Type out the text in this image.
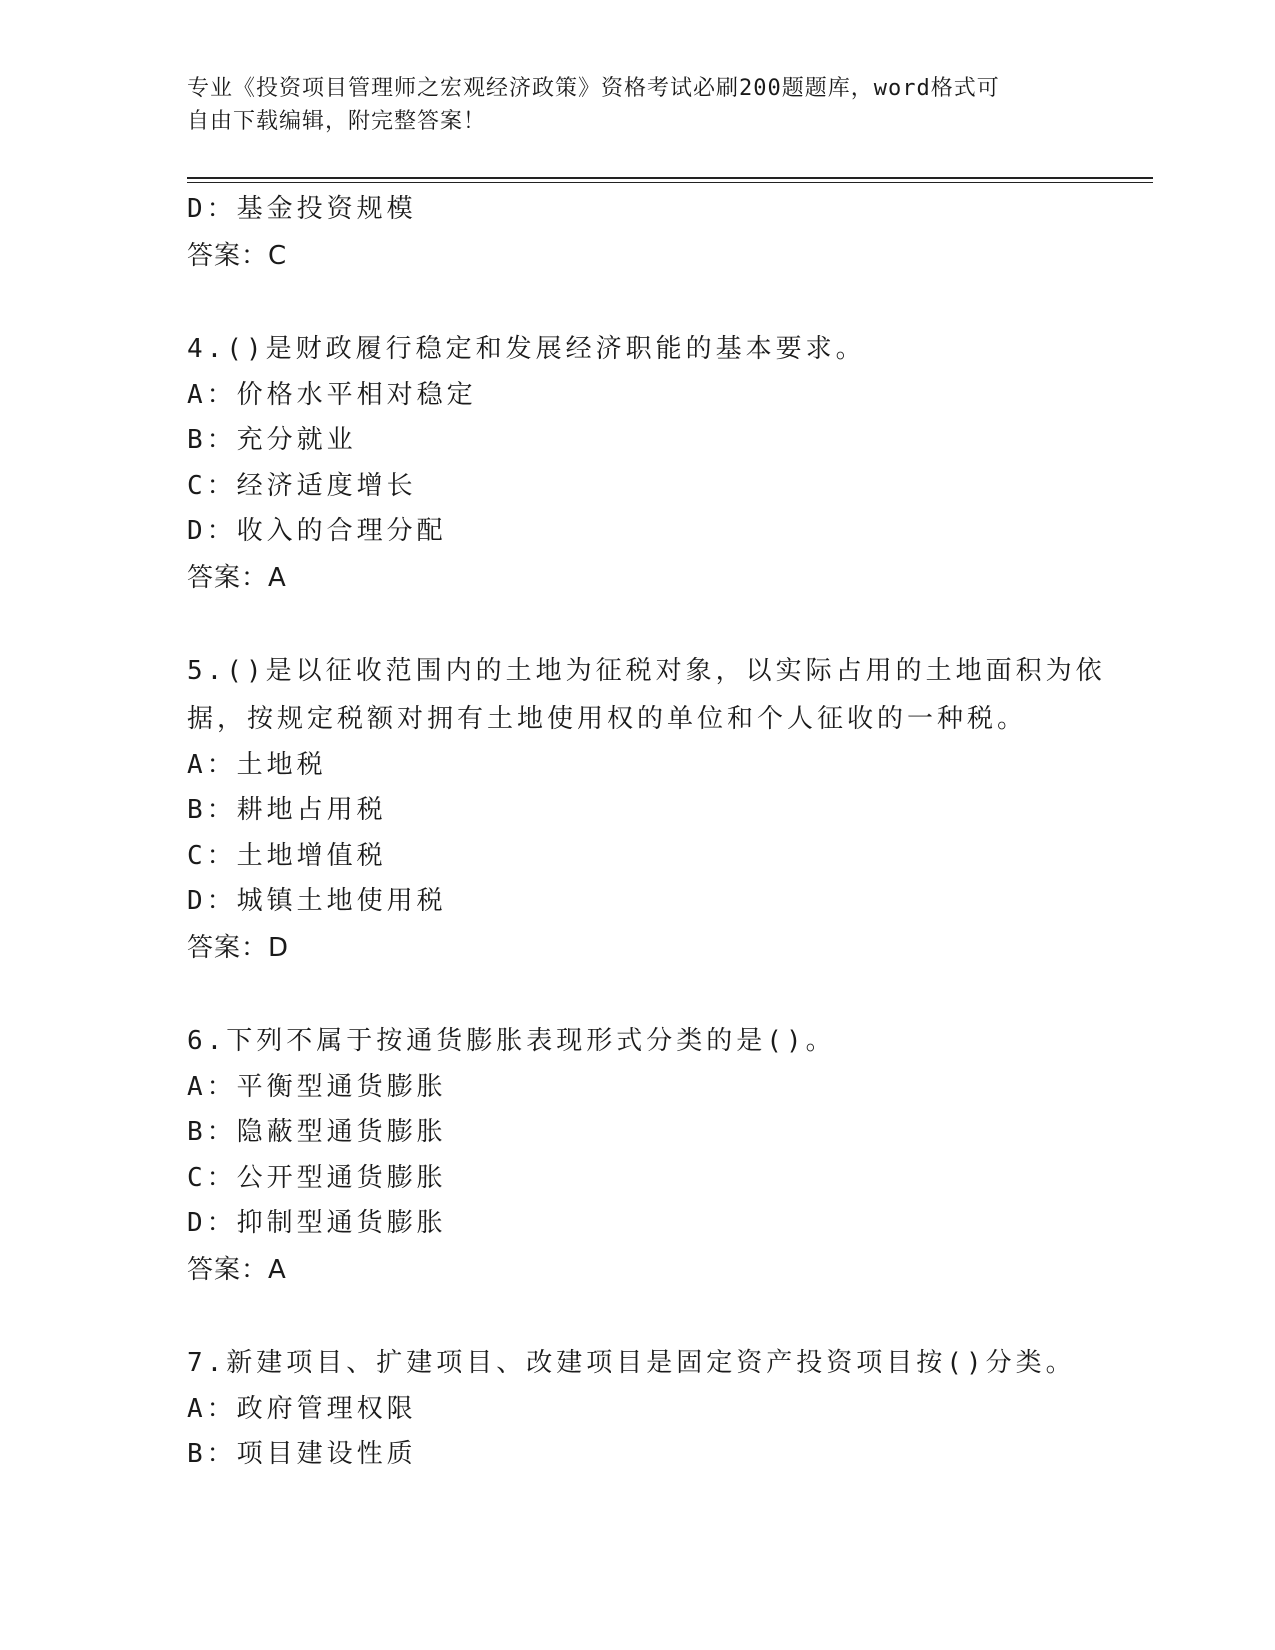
专业《投资项目管理师之宏观经济政策》资格考试必刷200题题库，word格式可
自由下载编辑，附完整答案！
D：基金投资规模
答案：C
4.()是财政履行稳定和发展经济职能的基本要求。
A：价格水平相对稳定
B：充分就业
C：经济适度增长
D：收入的合理分配
答案：A
5.()是以征收范围内的土地为征税对象，以实际占用的土地面积为依
据，按规定税额对拥有土地使用权的单位和个人征收的一种税。
A：土地税
B：耕地占用税
C：土地增值税
D：城镇土地使用税
答案：D
6.下列不属于按通货膨胀表现形式分类的是()。
A：平衡型通货膨胀
B：隐蔽型通货膨胀
C：公开型通货膨胀
D：抑制型通货膨胀
答案：A
7.新建项目、扩建项目、改建项目是固定资产投资项目按()分类。
A：政府管理权限
B：项目建设性质
